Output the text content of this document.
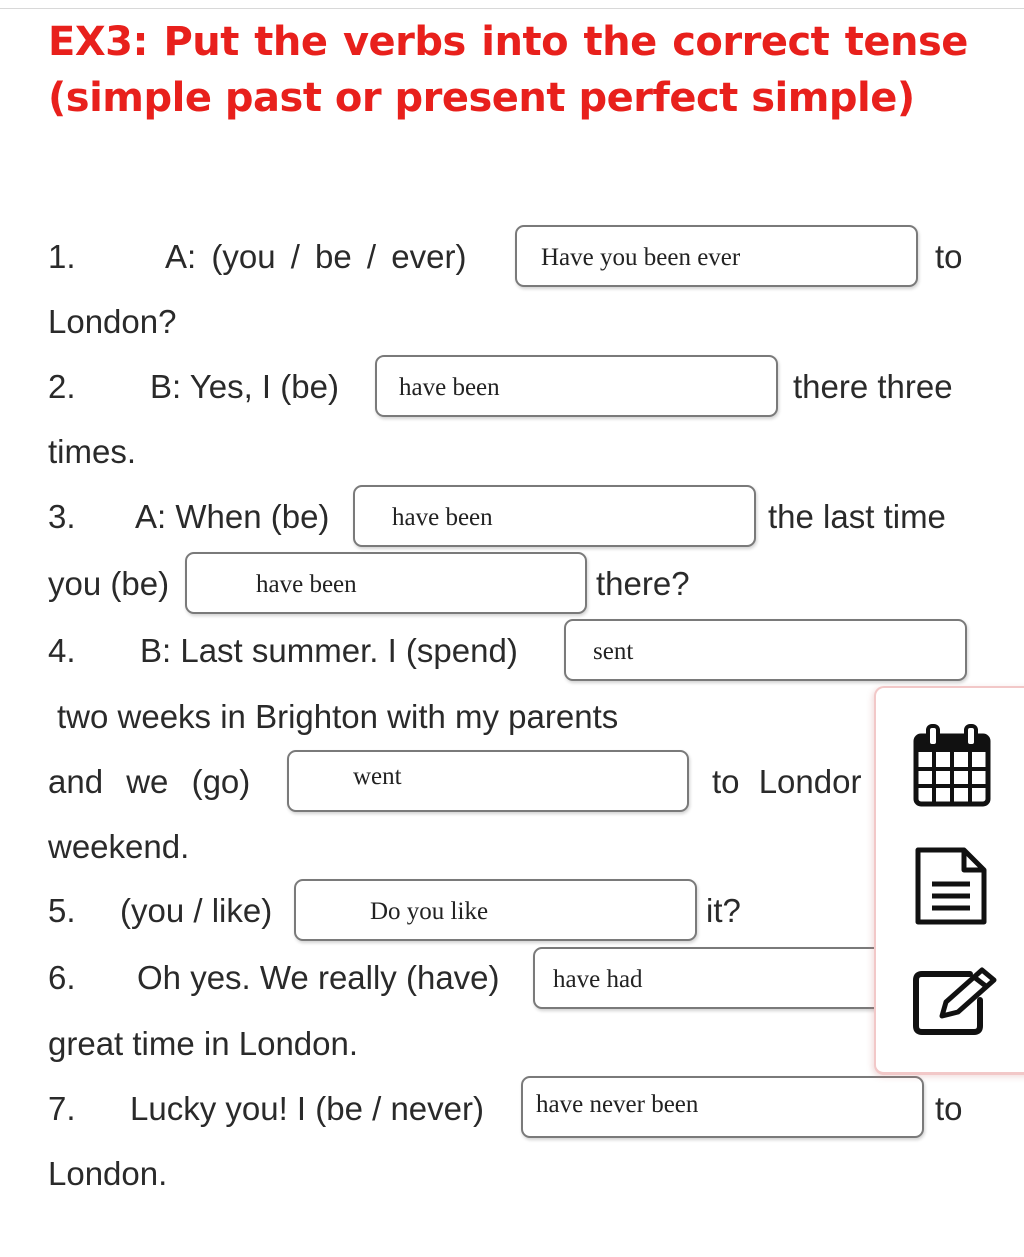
EX3: Put the verbs into the correct tense
(simple past or present perfect simple)
1.	A: (you / be / ever)	Have you been ever	to
London?
2. B: Yes, I (be) have been	there three
times.
3. A: When (be)	have been	the last time
you (be)	have been	there?
4. B: Last summer. I (spend)	sent
two weeks in Brighton with my parents
and we (go)	went	to Londor
weekend.
5. (you / like)	Do you like	it?
6. Oh yes. We really (have) have had
great time in London.
7. Lucky you! I (be / never) have never been	to
London.
